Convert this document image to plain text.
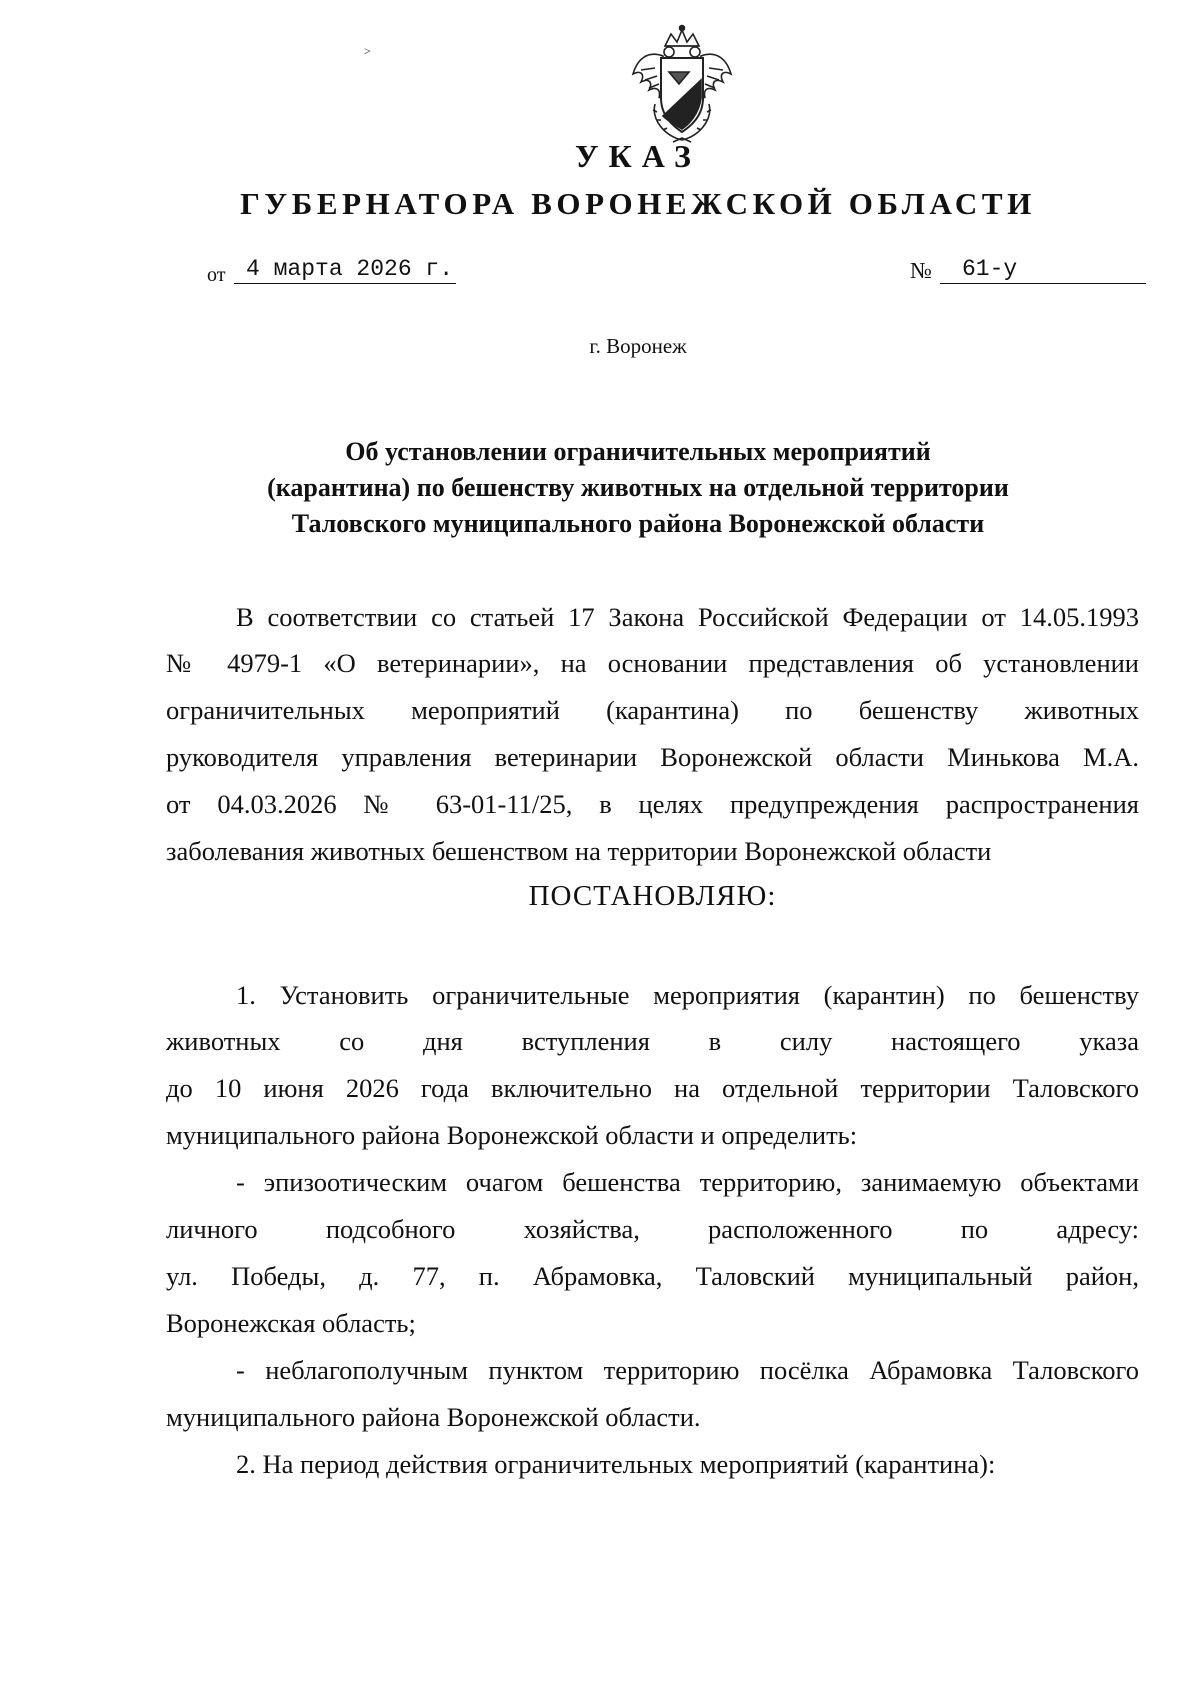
˃
УКАЗ
ГУБЕРНАТОРА ВОРОНЕЖСКОЙ ОБЛАСТИ
от 4 марта 2026 г.	№	61-у
г. Воронеж
Об установлении ограничительных мероприятий
(карантина) по бешенству животных на отдельной территории
Таловского муниципального района Воронежской области
В соответствии со статьей 17 Закона Российской Федерации от 14.05.1993
№ 4979-1 «О ветеринарии», на основании представления об установлении
ограничительных мероприятий (карантина) по бешенству животных
руководителя управления ветеринарии Воронежской области Минькова М.А.
от 04.03.2026 № 63-01-11/25, в целях предупреждения распространения
заболевания животных бешенством на территории Воронежской области
ПОСТАНОВЛЯЮ:
1. Установить ограничительные мероприятия (карантин) по бешенству
животных со дня вступления в силу настоящего указа
до 10 июня 2026 года включительно на отдельной территории Таловского
муниципального района Воронежской области и определить:
- эпизоотическим очагом бешенства территорию, занимаемую объектами
личного подсобного хозяйства, расположенного по адресу:
ул. Победы, д. 77, п. Абрамовка, Таловский муниципальный район,
Воронежская область;
- неблагополучным пунктом территорию посёлка Абрамовка Таловского
муниципального района Воронежской области.
2. На период действия ограничительных мероприятий (карантина):
